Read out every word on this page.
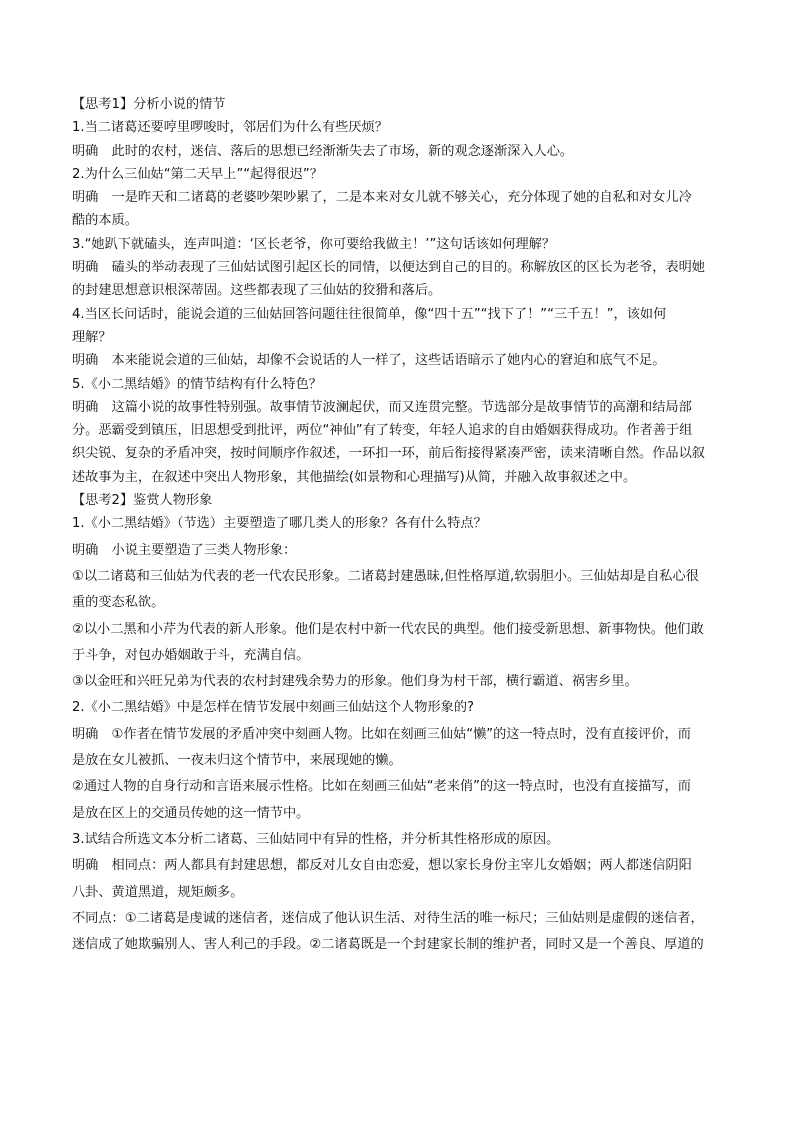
【思考1】分析小说的情节
1.当二诸葛还要哼里啰唆时，邻居们为什么有些厌烦？
明确　此时的农村，迷信、落后的思想已经渐渐失去了市场，新的观念逐渐深入人心。
2.为什么三仙姑“第二天早上”“起得很迟”？
明确　一是昨天和二诸葛的老婆吵架吵累了，二是本来对女儿就不够关心，充分体现了她的自私和对女儿冷
酷的本质。
3.“她趴下就磕头，连声叫道：‘区长老爷，你可要给我做主！’”这句话该如何理解？
明确　磕头的举动表现了三仙姑试图引起区长的同情，以便达到自己的目的。称解放区的区长为老爷，表明她
的封建思想意识根深蒂固。这些都表现了三仙姑的狡猾和落后。
4.当区长问话时，能说会道的三仙姑回答问题往往很简单，像“四十五”“找下了！”“三千五！”，该如何
理解？
明确　本来能说会道的三仙姑，却像不会说话的人一样了，这些话语暗示了她内心的窘迫和底气不足。
5.《小二黑结婚》的情节结构有什么特色？
明确　这篇小说的故事性特别强。故事情节波澜起伏，而又连贯完整。节选部分是故事情节的高潮和结局部
分。恶霸受到镇压，旧思想受到批评，两位“神仙”有了转变，年轻人追求的自由婚姻获得成功。作者善于组
织尖锐、复杂的矛盾冲突，按时间顺序作叙述，一环扣一环，前后衔接得紧凑严密，读来清晰自然。作品以叙
述故事为主，在叙述中突出人物形象，其他描绘(如景物和心理描写)从简，并融入故事叙述之中。
【思考2】鉴赏人物形象
1.《小二黑结婚》（节选）主要塑造了哪几类人的形象？各有什么特点？
明确　小说主要塑造了三类人物形象：
①以二诸葛和三仙姑为代表的老一代农民形象。二诸葛封建愚昧,但性格厚道,软弱胆小。三仙姑却是自私心很
重的变态私欲。
②以小二黑和小芹为代表的新人形象。他们是农村中新一代农民的典型。他们接受新思想、新事物快。他们敢
于斗争，对包办婚姻敢于斗，充满自信。
③以金旺和兴旺兄弟为代表的农村封建残余势力的形象。他们身为村干部，横行霸道、祸害乡里。
2.《小二黑结婚》中是怎样在情节发展中刻画三仙姑这个人物形象的?
明确　①作者在情节发展的矛盾冲突中刻画人物。比如在刻画三仙姑“懒”的这一特点时，没有直接评价，而
是放在女儿被抓、一夜未归这个情节中，来展现她的懒。
②通过人物的自身行动和言语来展示性格。比如在刻画三仙姑“老来俏”的这一特点时，也没有直接描写，而
是放在区上的交通员传她的这一情节中。
3.试结合所选文本分析二诸葛、三仙姑同中有异的性格，并分析其性格形成的原因。
明确　相同点：两人都具有封建思想，都反对儿女自由恋爱，想以家长身份主宰儿女婚姻；两人都迷信阴阳
八卦、黄道黑道，规矩颇多。
不同点：①二诸葛是虔诚的迷信者，迷信成了他认识生活、对待生活的唯一标尺；三仙姑则是虚假的迷信者，
迷信成了她欺骗别人、害人利己的手段。②二诸葛既是一个封建家长制的维护者，同时又是一个善良、厚道的
